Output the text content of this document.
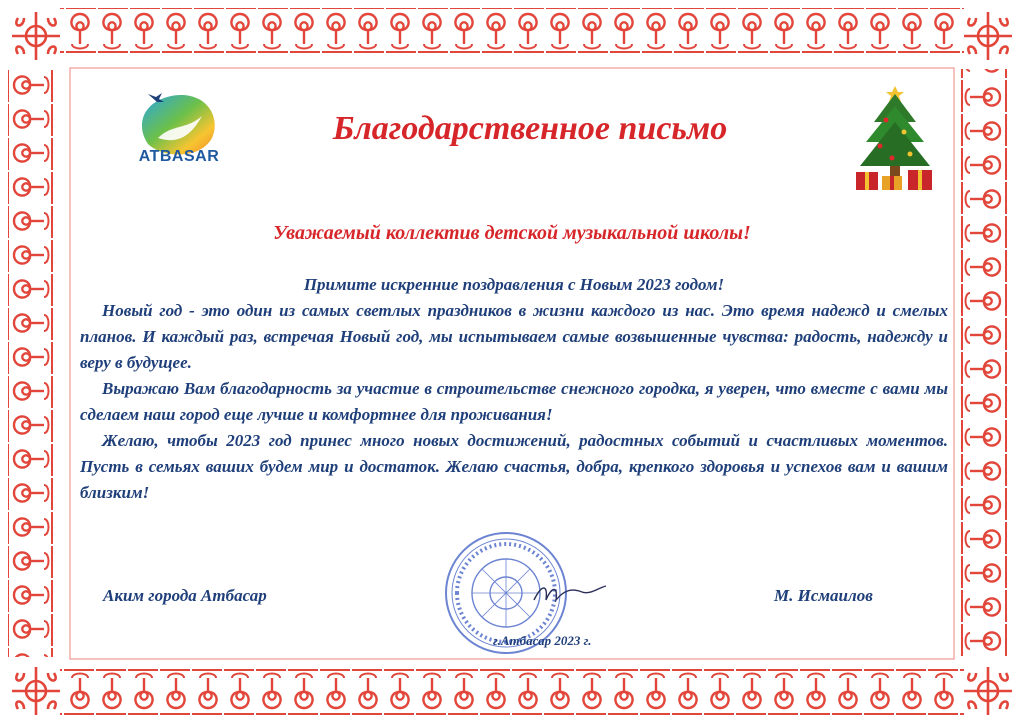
ATBASAR
Благодарственное письмо
Уважаемый коллектив детской музыкальной школы!

Примите искренние поздравления с Новым 2023 годом!

Новый год - это один из самых светлых праздников в жизни каждого из нас. Это время надежд и смелых планов. И каждый раз, встречая Новый год, мы испытываем самые возвышенные чувства: радость, надежду и веру в будущее.

Выражаю Вам благодарность за участие в строительстве снежного городка, я уверен, что вместе с вами мы сделаем наш город еще лучше и комфортнее для проживания!

Желаю, чтобы 2023 год принес много новых достижений, радостных событий и счастливых моментов. Пусть в семьях ваших будем мир и достаток. Желаю счастья, добра, крепкого здоровья и успехов вам и вашим близким!

Аким города Атбасар	М. Исмаилов
г.Атбасар 2023 г.
